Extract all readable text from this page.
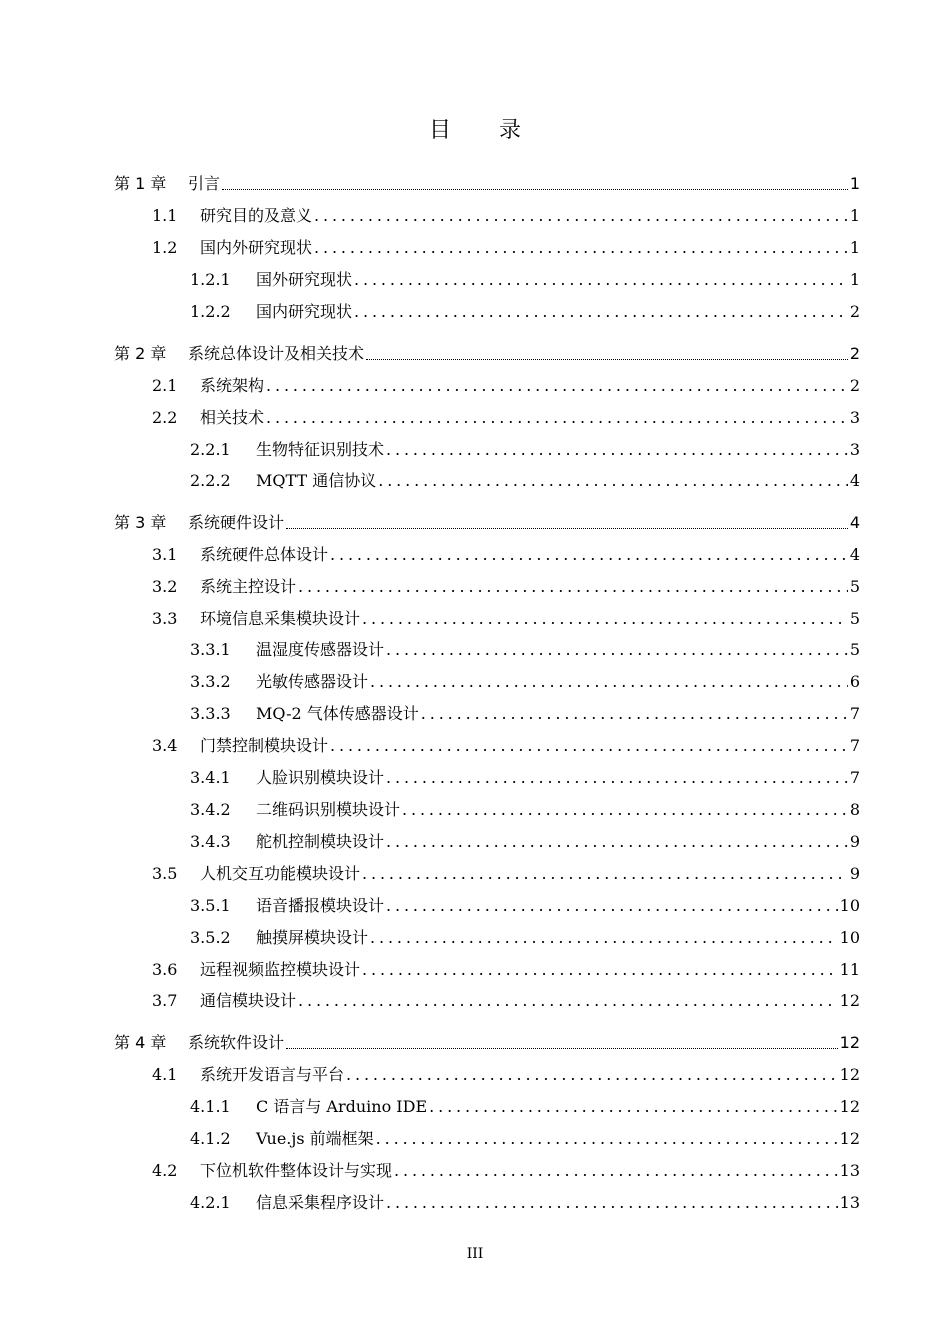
目录
第 1 章	引言	1
1.1	研究目的及意义 . . .	1
1.2	国内外研究现状 . . .	1
1.2.1	国外研究现状 . . .	1
1.2.2	国内研究现状 . . .	2
第 2 章	系统总体设计及相关技术	2
2.1	系统架构 . . .	2
2.2	相关技术 . . .	3
2.2.1	生物特征识别技术 . . .	3
2.2.2	MQTT 通信协议 . . .	4
第 3 章	系统硬件设计	4
3.1	系统硬件总体设计 . . .	4
3.2	系统主控设计 . . .	5
3.3	环境信息采集模块设计 . . .	5
3.3.1	温湿度传感器设计 . . .	5
3.3.2	光敏传感器设计 . . .	6
3.3.3	MQ-2 气体传感器设计 . . .	7
3.4	门禁控制模块设计 . . .	7
3.4.1	人脸识别模块设计 . . .	7
3.4.2	二维码识别模块设计 . . .	8
3.4.3	舵机控制模块设计 . . .	9
3.5	人机交互功能模块设计 . . .	9
3.5.1	语音播报模块设计 . . .	10
3.5.2	触摸屏模块设计 . . .	10
3.6	远程视频监控模块设计 . . .	11
3.7	通信模块设计 . . .	12
第 4 章	系统软件设计	12
4.1	系统开发语言与平台 . . .	12
4.1.1	C 语言与 Arduino IDE . . .	12
4.1.2	Vue.js 前端框架 . . .	12
4.2	下位机软件整体设计与实现 . . .	13
4.2.1	信息采集程序设计 . . .	13
III
